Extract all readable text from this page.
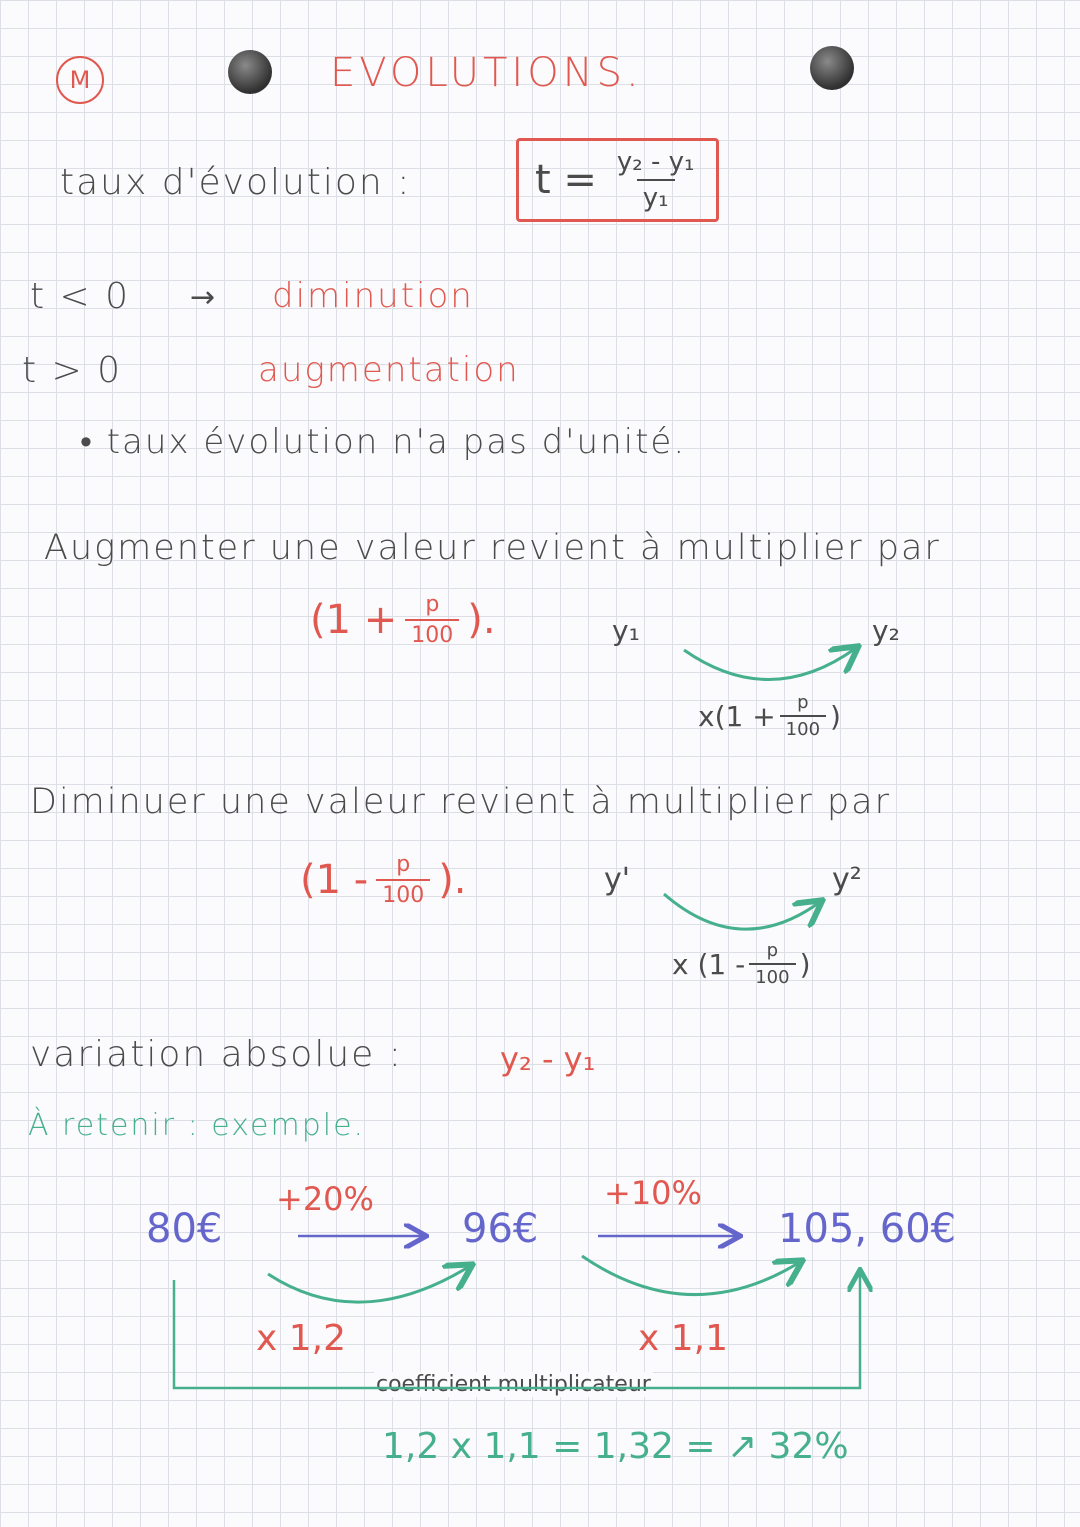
M	EVOLUTIONS.
taux d'évolution :	$t = \frac{\text{y₂ - y₁}}{\text{y₁}}$
t < 0 → diminution
t > 0	augmentation
• taux évolution n'a pas d'unité.
Augmenter une valeur revient à multiplier par
($1 + \frac{p}{100}$ ).	y₁	y₂
$x(1 + \frac{p}{100}$ )
Diminuer une valeur revient à multiplier par
($1 - \frac{p}{100}$ ).	y'	y²
x ($1 - \frac{p}{100}$ )
variation absolue :	y₂ - y₁
À retenir : exemple.
80€	96€	105, 60€
+20%	+10%
x 1,2	x 1,1
coefficient multiplicateur
1,2 x 1,1 = 1,32 = ↗ 32%
